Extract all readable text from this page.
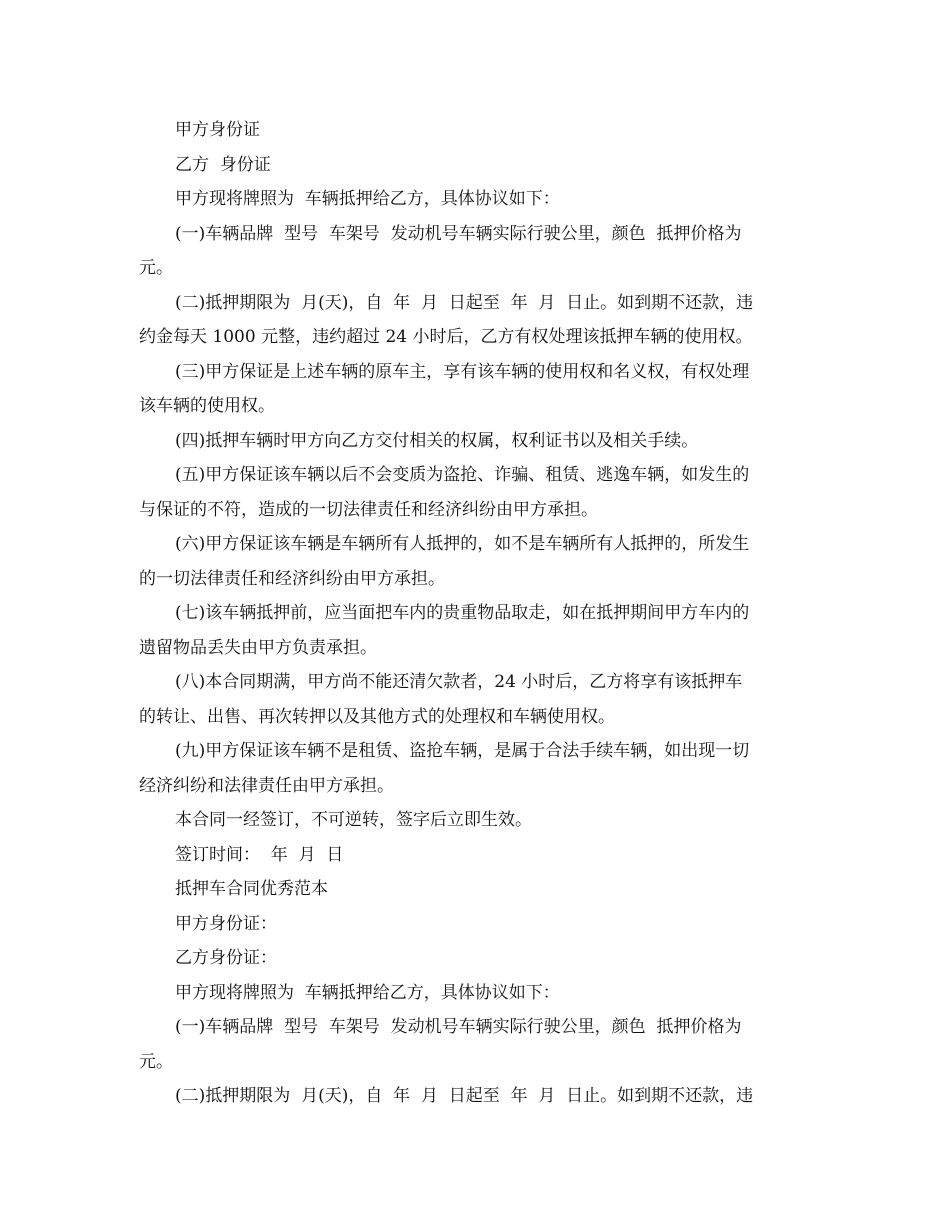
甲方身份证
乙方  身份证
甲方现将牌照为  车辆抵押给乙方，具体协议如下：
(一)车辆品牌  型号  车架号  发动机号车辆实际行驶公里，颜色  抵押价格为
元。
(二)抵押期限为  月(天)，自  年  月  日起至  年  月  日止。如到期不还款，违
约金每天 1000 元整，违约超过 24 小时后，乙方有权处理该抵押车辆的使用权。
(三)甲方保证是上述车辆的原车主，享有该车辆的使用权和名义权，有权处理
该车辆的使用权。
(四)抵押车辆时甲方向乙方交付相关的权属，权利证书以及相关手续。
(五)甲方保证该车辆以后不会变质为盗抢、诈骗、租赁、逃逸车辆，如发生的
与保证的不符，造成的一切法律责任和经济纠纷由甲方承担。
(六)甲方保证该车辆是车辆所有人抵押的，如不是车辆所有人抵押的，所发生
的一切法律责任和经济纠纷由甲方承担。
(七)该车辆抵押前，应当面把车内的贵重物品取走，如在抵押期间甲方车内的
遗留物品丢失由甲方负责承担。
(八)本合同期满，甲方尚不能还清欠款者，24 小时后，乙方将享有该抵押车
的转让、出售、再次转押以及其他方式的处理权和车辆使用权。
(九)甲方保证该车辆不是租赁、盗抢车辆，是属于合法手续车辆，如出现一切
经济纠纷和法律责任由甲方承担。
本合同一经签订，不可逆转，签字后立即生效。
签订时间：  年  月  日
抵押车合同优秀范本
甲方身份证：
乙方身份证：
甲方现将牌照为  车辆抵押给乙方，具体协议如下：
(一)车辆品牌  型号  车架号  发动机号车辆实际行驶公里，颜色  抵押价格为
元。
(二)抵押期限为  月(天)，自  年  月  日起至  年  月  日止。如到期不还款，违
